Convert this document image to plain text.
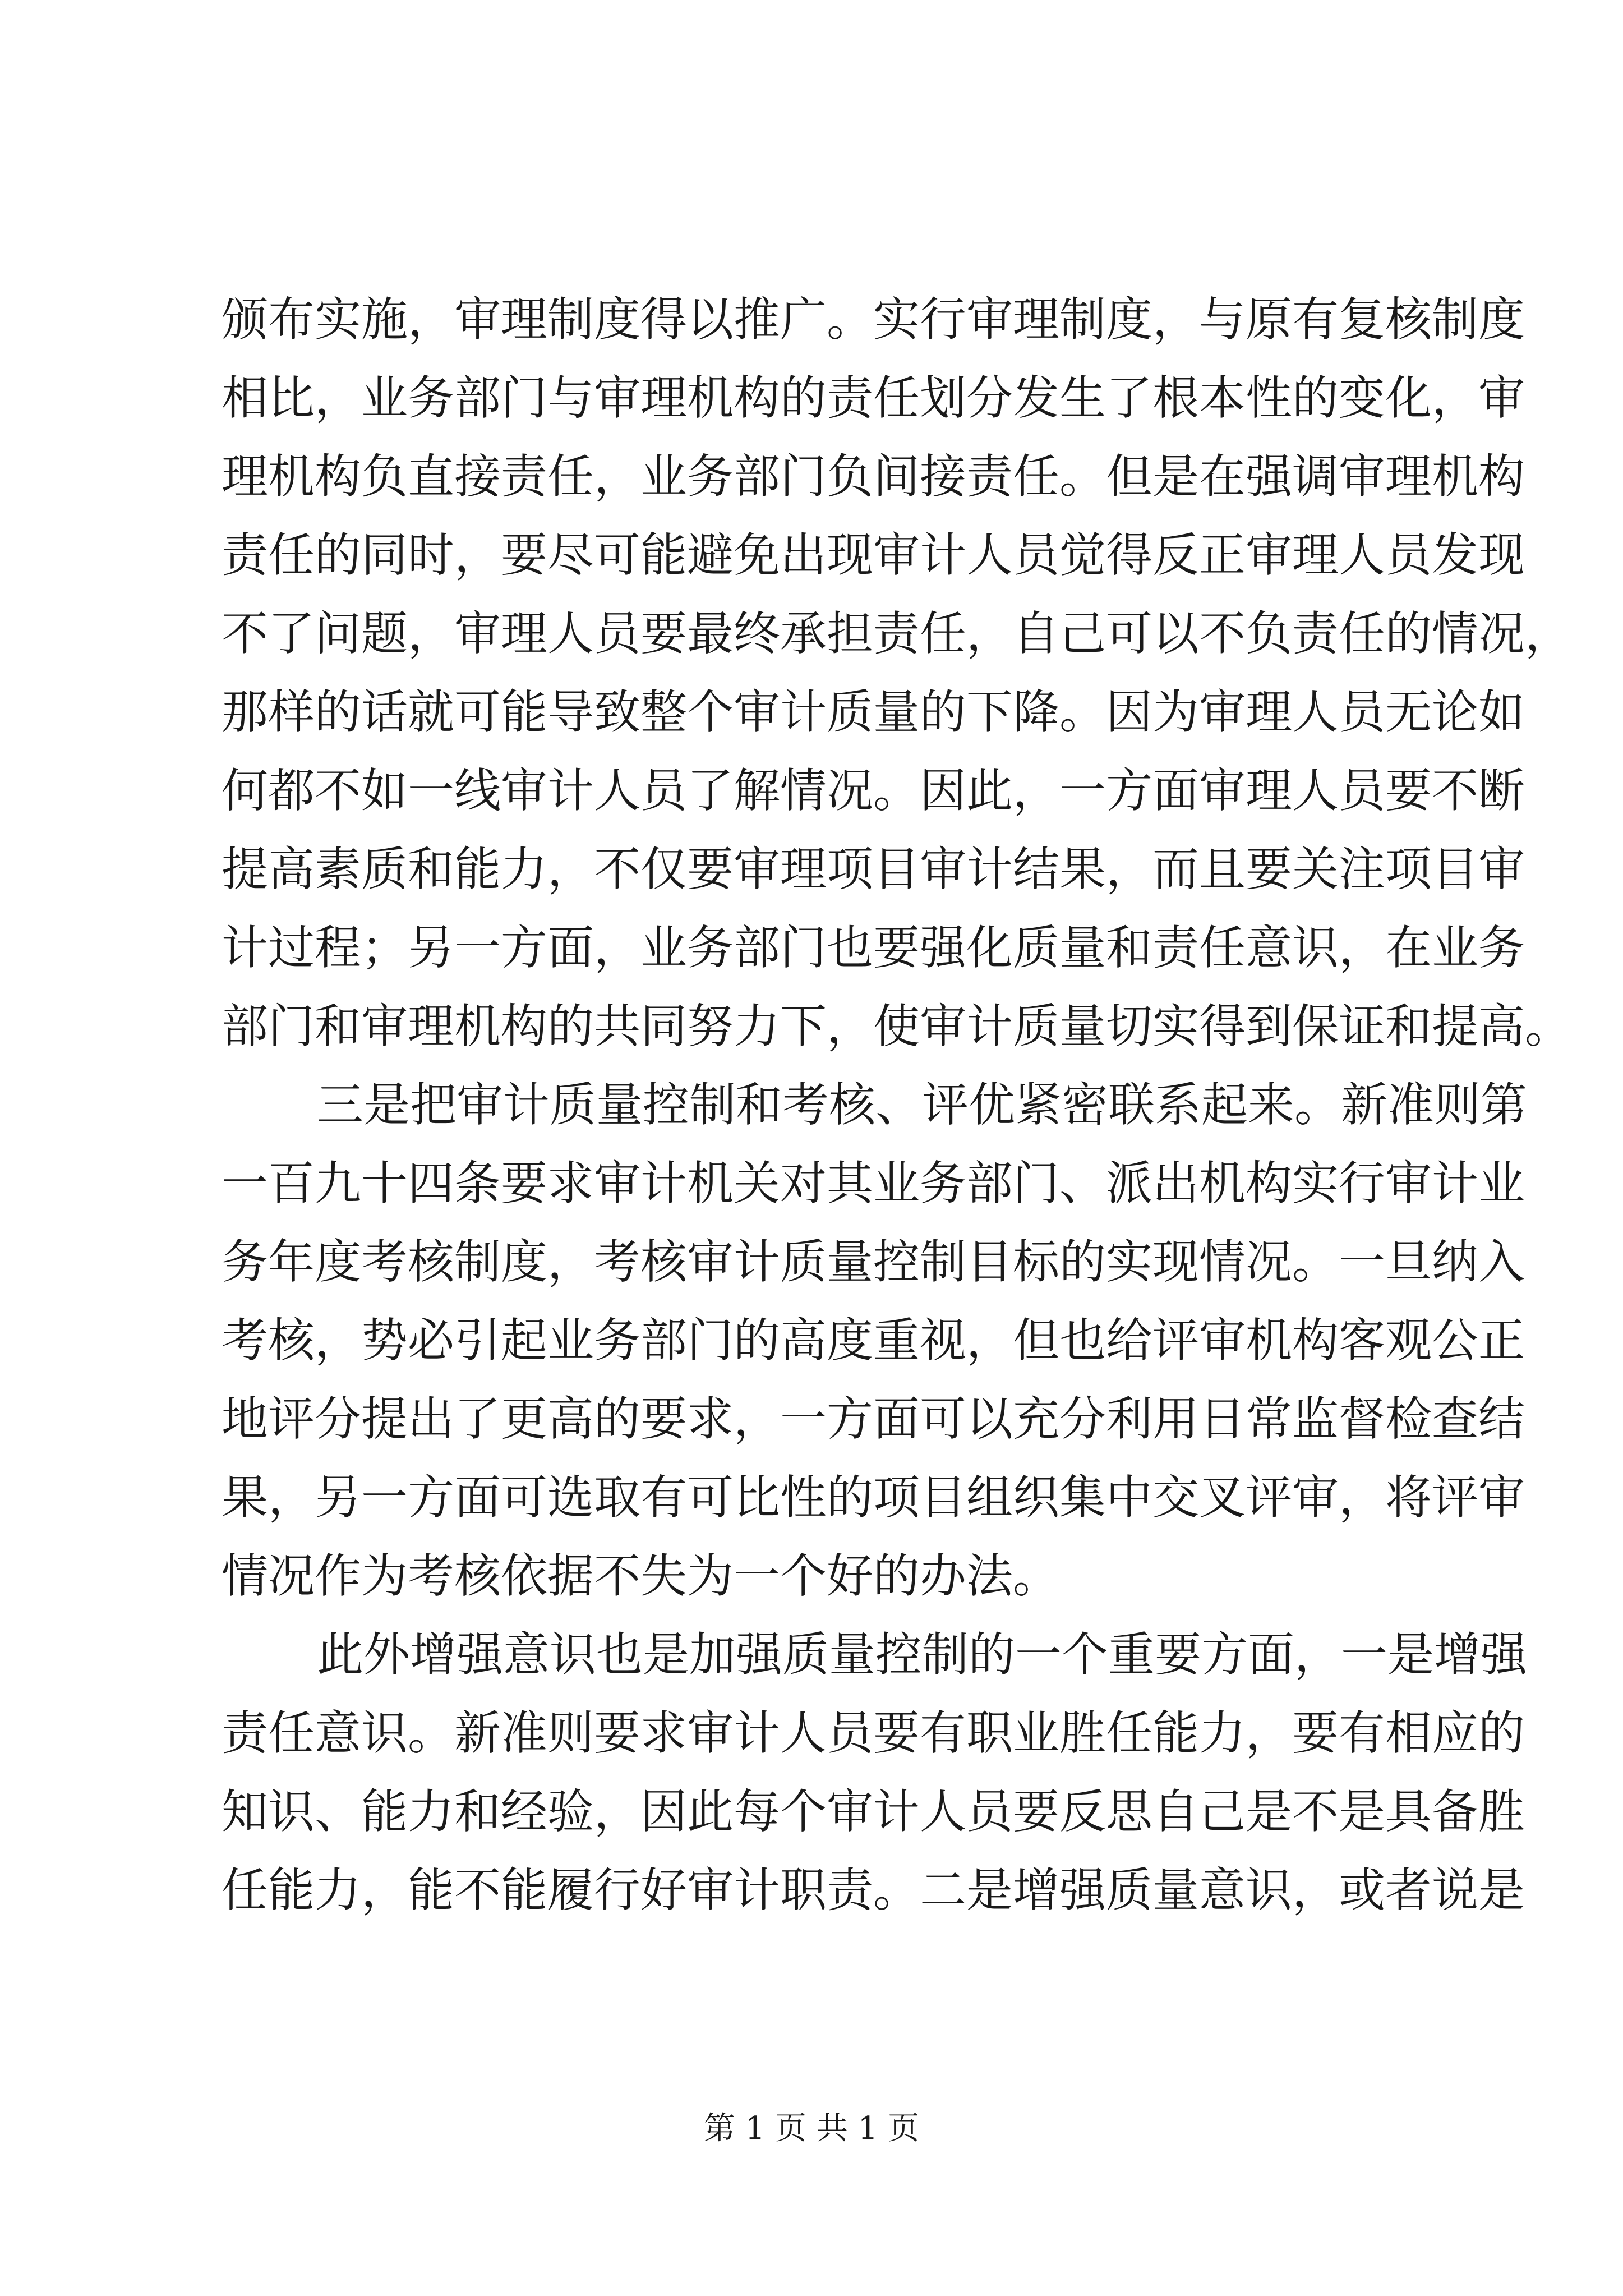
颁布实施，审理制度得以推广。实行审理制度，与原有复核制度
相比，业务部门与审理机构的责任划分发生了根本性的变化，审
理机构负直接责任，业务部门负间接责任。但是在强调审理机构
责任的同时，要尽可能避免出现审计人员觉得反正审理人员发现
不了问题，审理人员要最终承担责任，自己可以不负责任的情况，
那样的话就可能导致整个审计质量的下降。因为审理人员无论如
何都不如一线审计人员了解情况。因此，一方面审理人员要不断
提高素质和能力，不仅要审理项目审计结果，而且要关注项目审
计过程；另一方面，业务部门也要强化质量和责任意识，在业务
部门和审理机构的共同努力下，使审计质量切实得到保证和提高。
三是把审计质量控制和考核、评优紧密联系起来。新准则第
一百九十四条要求审计机关对其业务部门、派出机构实行审计业
务年度考核制度，考核审计质量控制目标的实现情况。一旦纳入
考核，势必引起业务部门的高度重视，但也给评审机构客观公正
地评分提出了更高的要求，一方面可以充分利用日常监督检查结
果，另一方面可选取有可比性的项目组织集中交叉评审，将评审
情况作为考核依据不失为一个好的办法。
此外增强意识也是加强质量控制的一个重要方面，一是增强
责任意识。新准则要求审计人员要有职业胜任能力，要有相应的
知识、能力和经验，因此每个审计人员要反思自己是不是具备胜
任能力，能不能履行好审计职责。二是增强质量意识，或者说是
第 1 页 共 1 页
